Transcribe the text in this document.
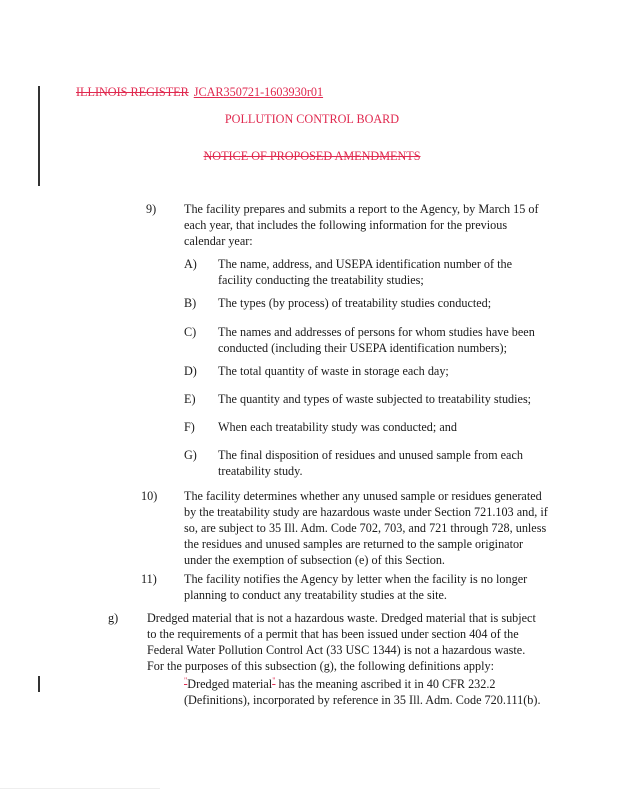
ILLINOIS REGISTER JCAR350721-1603930r01
POLLUTION CONTROL BOARD
NOTICE OF PROPOSED AMENDMENTS
9) The facility prepares and submits a report to the Agency, by March 15 of
each year, that includes the following information for the previous
calendar year:
A) The name, address, and USEPA identification number of the
facility conducting the treatability studies;
B) The types (by process) of treatability studies conducted;
C) The names and addresses of persons for whom studies have been
conducted (including their USEPA identification numbers);
D) The total quantity of waste in storage each day;
E) The quantity and types of waste subjected to treatability studies;
F) When each treatability study was conducted; and
G) The final disposition of residues and unused sample from each
treatability study.
10) The facility determines whether any unused sample or residues generated
by the treatability study are hazardous waste under Section 721.103 and, if
so, are subject to 35 Ill. Adm. Code 702, 703, and 721 through 728, unless
the residues and unused samples are returned to the sample originator
under the exemption of subsection (e) of this Section.
11) The facility notifies the Agency by letter when the facility is no longer
planning to conduct any treatability studies at the site.
g) Dredged material that is not a hazardous waste. Dredged material that is subject
to the requirements of a permit that has been issued under section 404 of the
Federal Water Pollution Control Act (33 USC 1344) is not a hazardous waste.
For the purposes of this subsection (g), the following definitions apply:
"Dredged material" has the meaning ascribed it in 40 CFR 232.2
(Definitions), incorporated by reference in 35 Ill. Adm. Code 720.111(b).
